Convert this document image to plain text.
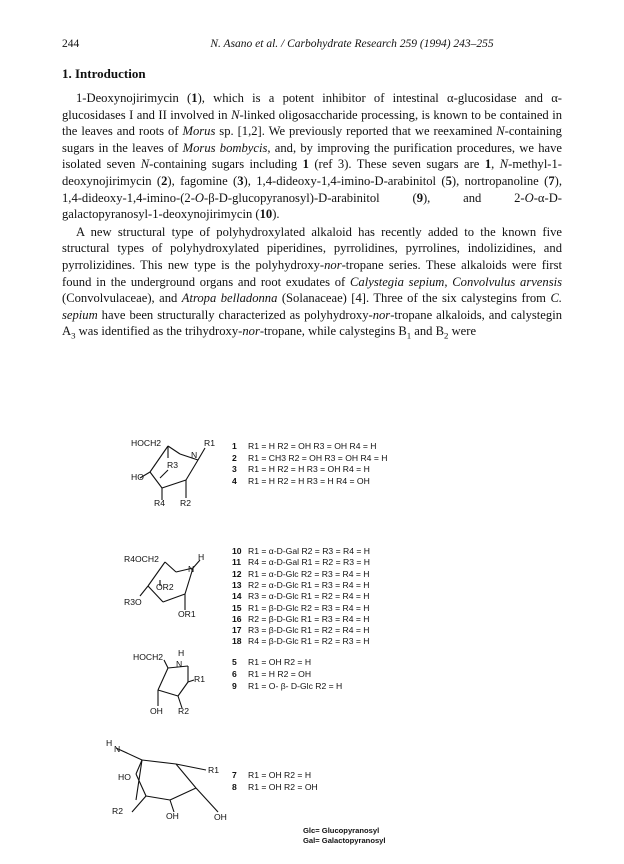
244	N. Asano et al. / Carbohydrate Research 259 (1994) 243–255
1. Introduction

1-Deoxynojirimycin (1), which is a potent inhibitor of intestinal α-glucosidase and α-glucosidases I and II involved in N-linked oligosaccharide processing, is known to be contained in the leaves and roots of Morus sp. [1,2]. We previously reported that we reexamined N-containing sugars in the leaves of Morus bombycis, and, by improving the purification procedures, we have isolated seven N-containing sugars including 1 (ref 3). These seven sugars are 1, N-methyl-1-deoxynojirimycin (2), fagomine (3), 1,4-dideoxy-1,4-imino-D-arabinitol (5), nortropanoline (7), 1,4-dideoxy-1,4-imino-(2-O-β-D-glucopyranosyl)-D-arabinitol (9), and 2-O-α-D-galactopyranosyl-1-deoxynojirimycin (10).

A new structural type of polyhydroxylated alkaloid has recently added to the known five structural types of polyhydroxylated piperidines, pyrrolidines, pyrrolines, indolizidines, and pyrrolizidines. This new type is the polyhydroxy-nor-tropane series. These alkaloids were first found in the underground organs and root exudates of Calystegia sepium, Convolvulus arvensis (Convolvulaceae), and Atropa belladonna (Solanaceae) [4]. Three of the six calystegins from C. sepium have been structurally characterized as polyhydroxy-nor-tropane alkaloids, and calystegin $A_3$ was identified as the trihydroxy-nor-tropane, while calystegins $B_1$ and $B_2$ were

HOCH2	R1
N
R3
HO
R4 R2
R4OCH2	H
N
OR2
R3O
OR1
HOCH2 H
N
R1
OH R2
H
N
R1
HO
R2	OH	OH
1 R1 = H R2 = OH R3 = OH R4 = H
2 R1 = CH3 R2 = OH R3 = OH R4 = H
3 R1 = H R2 = H R3 = OH R4 = H
4 R1 = H R2 = H R3 = H R4 = OH
10 R1 = α-D-Gal R2 = R3 = R4 = H
11 R4 = α-D-Gal R1 = R2 = R3 = H
12 R1 = α-D-Glc R2 = R3 = R4 = H
13 R2 = α-D-Glc R1 = R3 = R4 = H
14 R3 = α-D-Glc R1 = R2 = R4 = H
15 R1 = β-D-Glc R2 = R3 = R4 = H
16 R2 = β-D-Glc R1 = R3 = R4 = H
17 R3 = β-D-Glc R1 = R2 = R4 = H
18 R4 = β-D-Glc R1 = R2 = R3 = H
5 R1 = OH R2 = H
6 R1 = H R2 = OH
9 R1 = O- β- D-Glc R2 = H
7 R1 = OH R2 = H
8 R1 = OH R2 = OH
Glc= Glucopyranosyl
Gal= Galactopyranosyl
